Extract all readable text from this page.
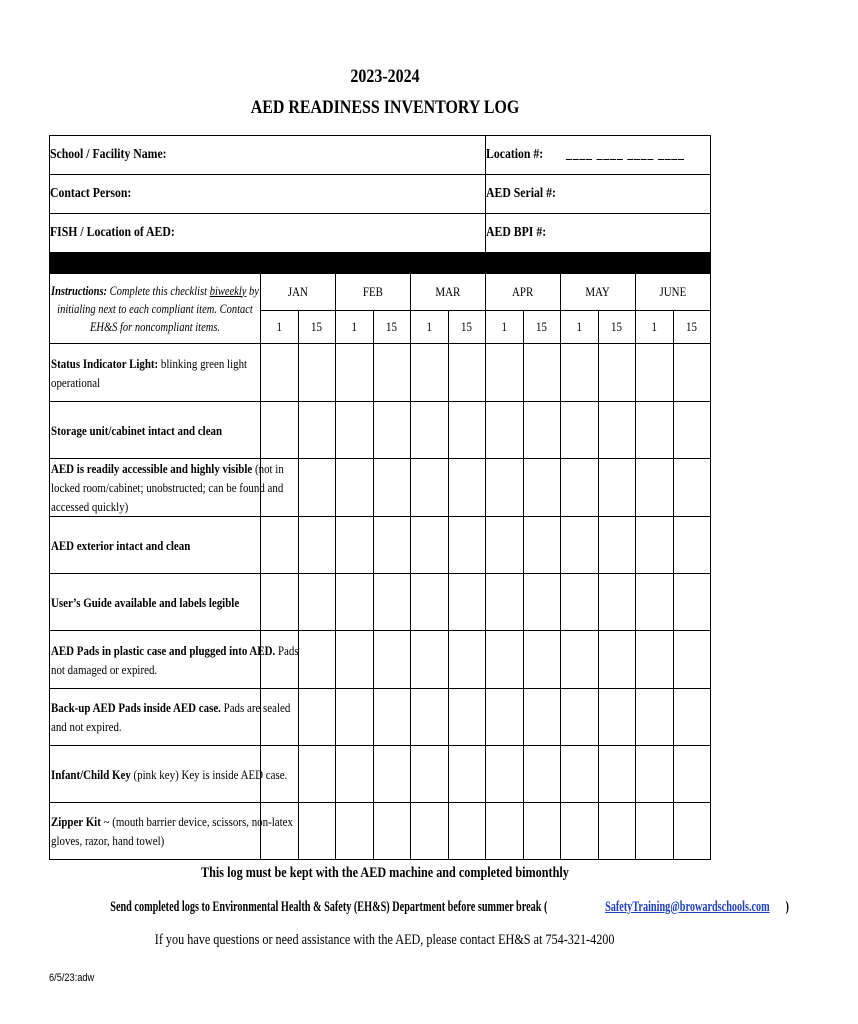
2023-2024
AED READINESS INVENTORY LOG
School / Facility Name:							Location #: ____ ____ ____ ____					
Contact Person:							AED Serial #:					
FISH / Location of AED:							AED BPI #:					

Instructions: Complete this checklist biweekly by initialing next to each compliant item. Contact EH&S for noncompliant items.	JAN		FEB		MAR		APR		MAY		JUNE	
	1	15	1	15	1	15	1	15	1	15	1	15

Status Indicator Light: blinking green light operational												

Storage unit/cabinet intact and clean												

AED is readily accessible and highly visible (not in locked room/cabinet; unobstructed; can be found and accessed quickly)												

AED exterior intact and clean												

User’s Guide available and labels legible												

AED Pads in plastic case and plugged into AED. Pads not damaged or expired.												

Back-up AED Pads inside AED case. Pads are sealed and not expired.												

Infant/Child Key (pink key) Key is inside AED case.												

Zipper Kit ~ (mouth barrier device, scissors, non-latex gloves, razor, hand towel)												

This log must be kept with the AED machine and completed bimonthly
Send completed logs to Environmental Health & Safety (EH&S) Department before summer break (	SafetyTraining@browardschools.com )
If you have questions or need assistance with the AED, please contact EH&S at 754-321-4200
6/5/23:adw
